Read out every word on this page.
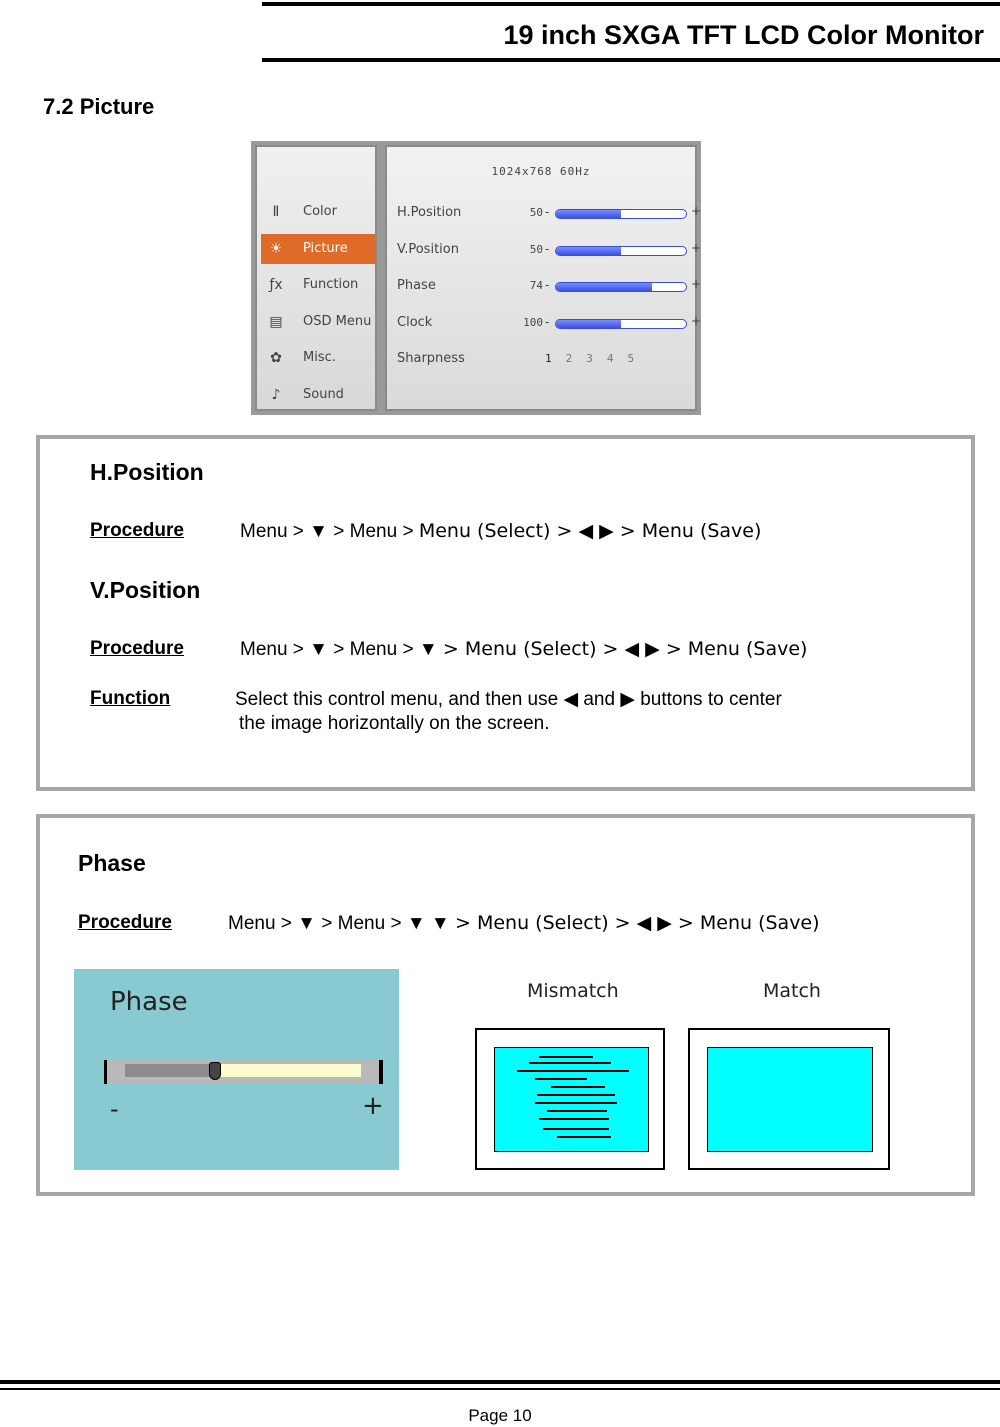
19 inch SXGA TFT LCD Color Monitor
7.2 Picture
Ⅱ	Color
☀ Picture
ƒx Function
▤ OSD Menu
✿ Misc.
♪	Sound
1024x768 60Hz
H.Position	50 -	+
V.Position	50 -	+
Phase	74 -	+
Clock	100 -	+
Sharpness	1 2 3 4 5
H.Position
Procedure	Menu > ▼ > Menu > Menu (Select) > ◀ ▶ > Menu (Save)
V.Position
Procedure	Menu > ▼ > Menu > ▼ > Menu (Select) > ◀ ▶ > Menu (Save)
Function	Select this control menu, and then use ◀ and ▶ buttons to center
the image horizontally on the screen.
Phase
Procedure	Menu > ▼ > Menu > ▼ ▼ > Menu (Select) > ◀ ▶ > Menu (Save)
Phase
-	+
Mismatch	Match
Page 10
